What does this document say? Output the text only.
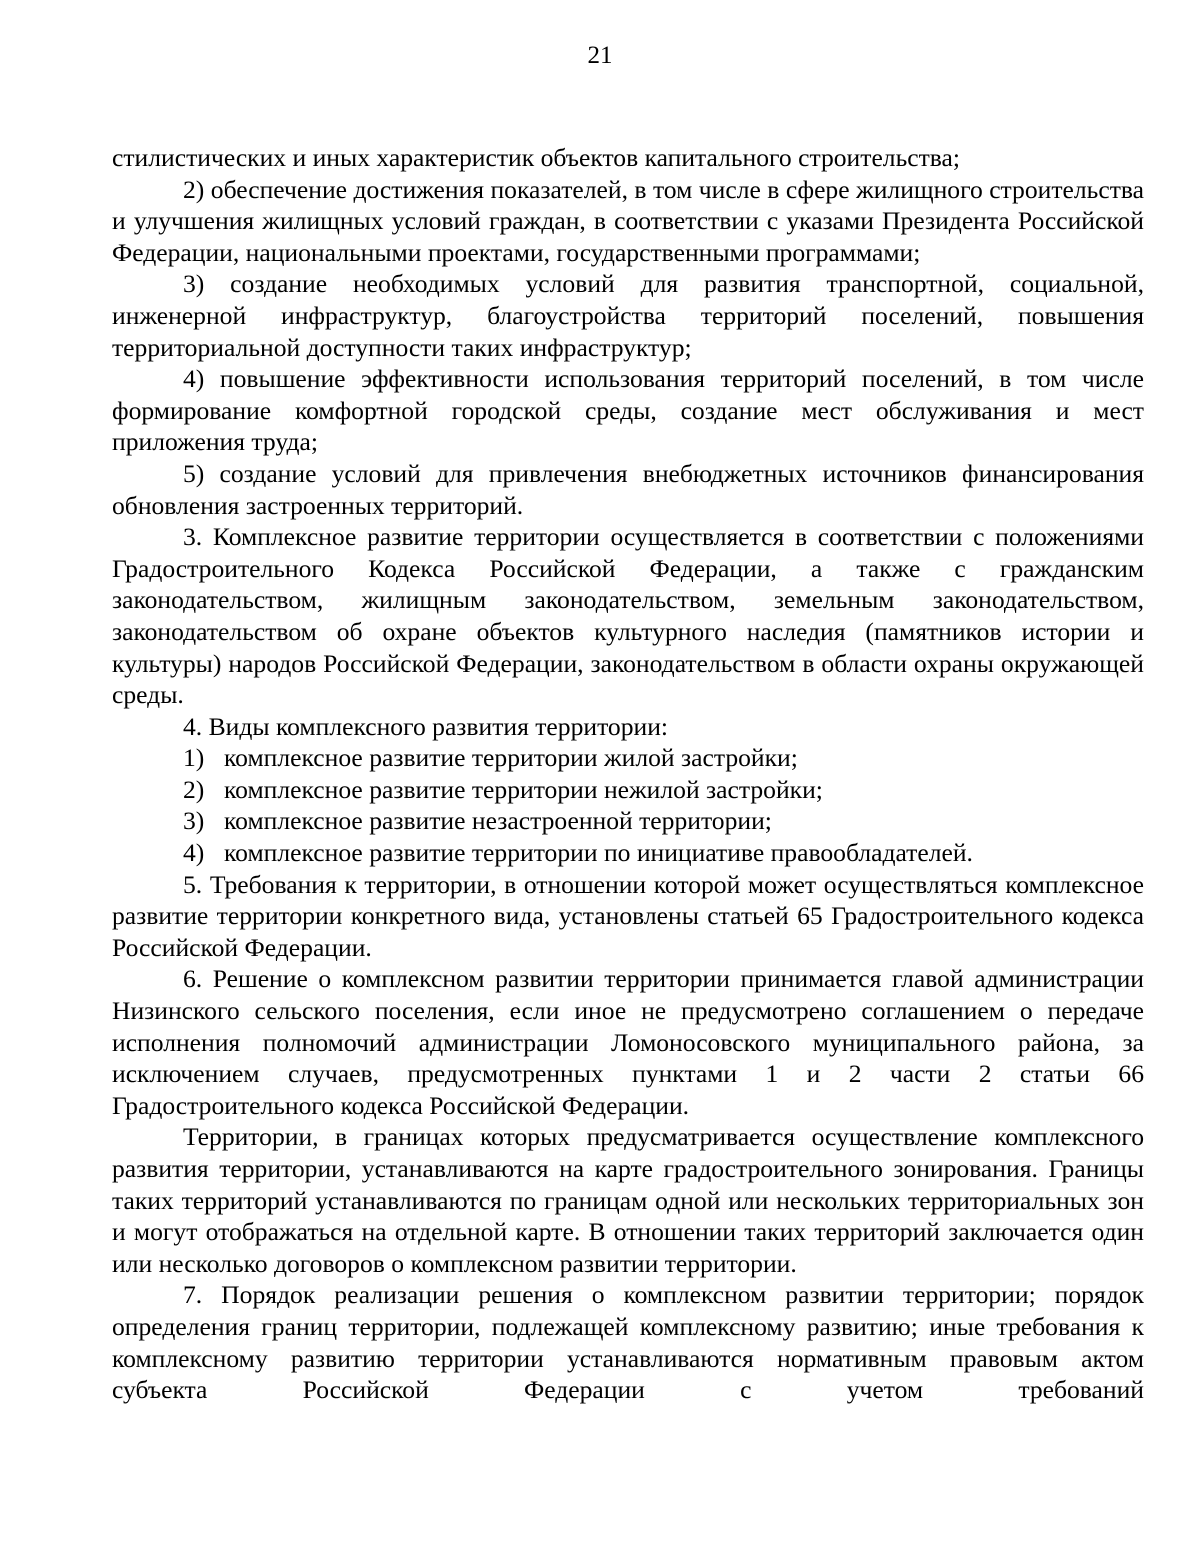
21

стилистических и иных характеристик объектов капитального строительства;

2) обеспечение достижения показателей, в том числе в сфере жилищного строительства и улучшения жилищных условий граждан, в соответствии с указами Президента Российской Федерации, национальными проектами, государственными программами;

3) создание необходимых условий для развития транспортной, социальной, инженерной инфраструктур, благоустройства территорий поселений, повышения территориальной доступности таких инфраструктур;

4) повышение эффективности использования территорий поселений, в том числе формирование комфортной городской среды, создание мест обслуживания и мест приложения труда;

5) создание условий для привлечения внебюджетных источников финансирования обновления застроенных территорий.

3. Комплексное развитие территории осуществляется в соответствии с положениями Градостроительного Кодекса Российской Федерации, а также с гражданским законодательством, жилищным законодательством, земельным законодательством, законодательством об охране объектов культурного наследия (памятников истории и культуры) народов Российской Федерации, законодательством в области охраны окружающей среды.

4. Виды комплексного развития территории:

1) комплексное развитие территории жилой застройки;

2) комплексное развитие территории нежилой застройки;

3) комплексное развитие незастроенной территории;

4) комплексное развитие территории по инициативе правообладателей.

5. Требования к территории, в отношении которой может осуществляться комплексное развитие территории конкретного вида, установлены статьей 65 Градостроительного кодекса Российской Федерации.

6. Решение о комплексном развитии территории принимается главой администрации Низинского сельского поселения, если иное не предусмотрено соглашением о передаче исполнения полномочий администрации Ломоносовского муниципального района, за исключением случаев, предусмотренных пунктами 1 и 2 части 2 статьи 66 Градостроительного кодекса Российской Федерации.

Территории, в границах которых предусматривается осуществление комплексного развития территории, устанавливаются на карте градостроительного зонирования. Границы таких территорий устанавливаются по границам одной или нескольких территориальных зон и могут отображаться на отдельной карте. В отношении таких территорий заключается один или несколько договоров о комплексном развитии территории.

7. Порядок реализации решения о комплексном развитии территории; порядок определения границ территории, подлежащей комплексному развитию; иные требования к комплексному развитию территории устанавливаются нормативным правовым актом субъекта Российской Федерации с учетом требований
